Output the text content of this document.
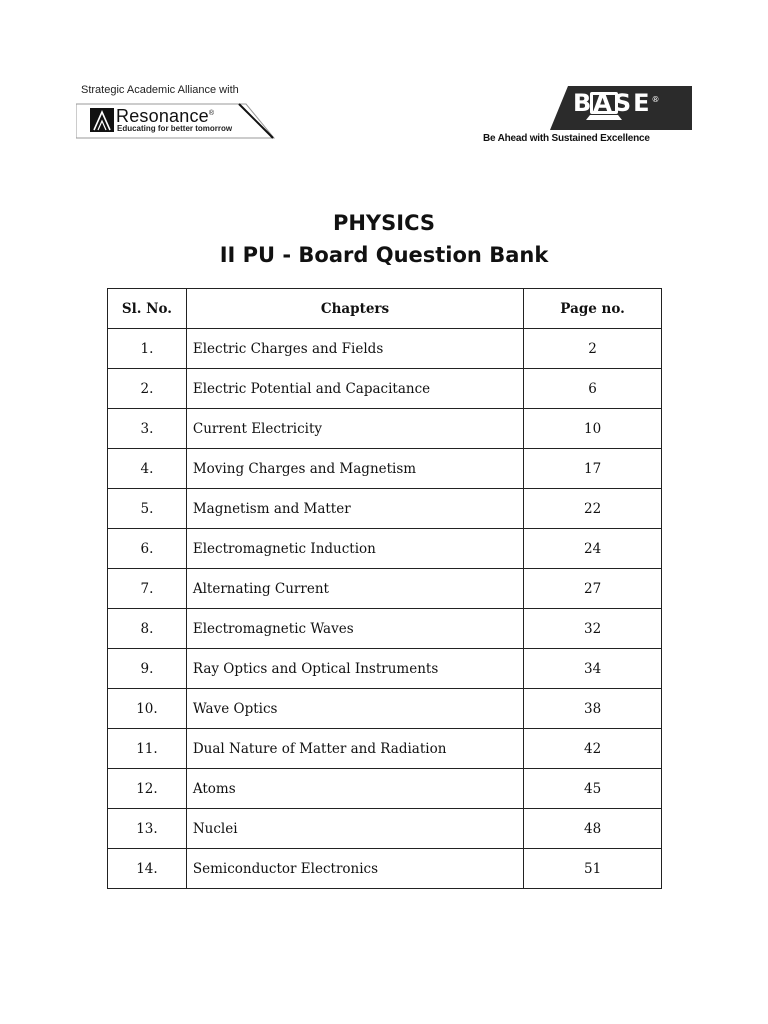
Strategic Academic Alliance with
Resonance®
Educating for better tomorrow
BASE®
Be Ahead with Sustained Excellence
PHYSICS
II PU - Board Question Bank
Sl. No.	Chapters	Page no.
1.	Electric Charges and Fields	2
2.	Electric Potential and Capacitance	6
3.	Current Electricity	10
4.	Moving Charges and Magnetism	17
5.	Magnetism and Matter	22
6.	Electromagnetic Induction	24
7.	Alternating Current	27
8.	Electromagnetic Waves	32
9.	Ray Optics and Optical Instruments	34
10.	Wave Optics	38
11.	Dual Nature of Matter and Radiation	42
12.	Atoms	45
13.	Nuclei	48
14.	Semiconductor Electronics	51
